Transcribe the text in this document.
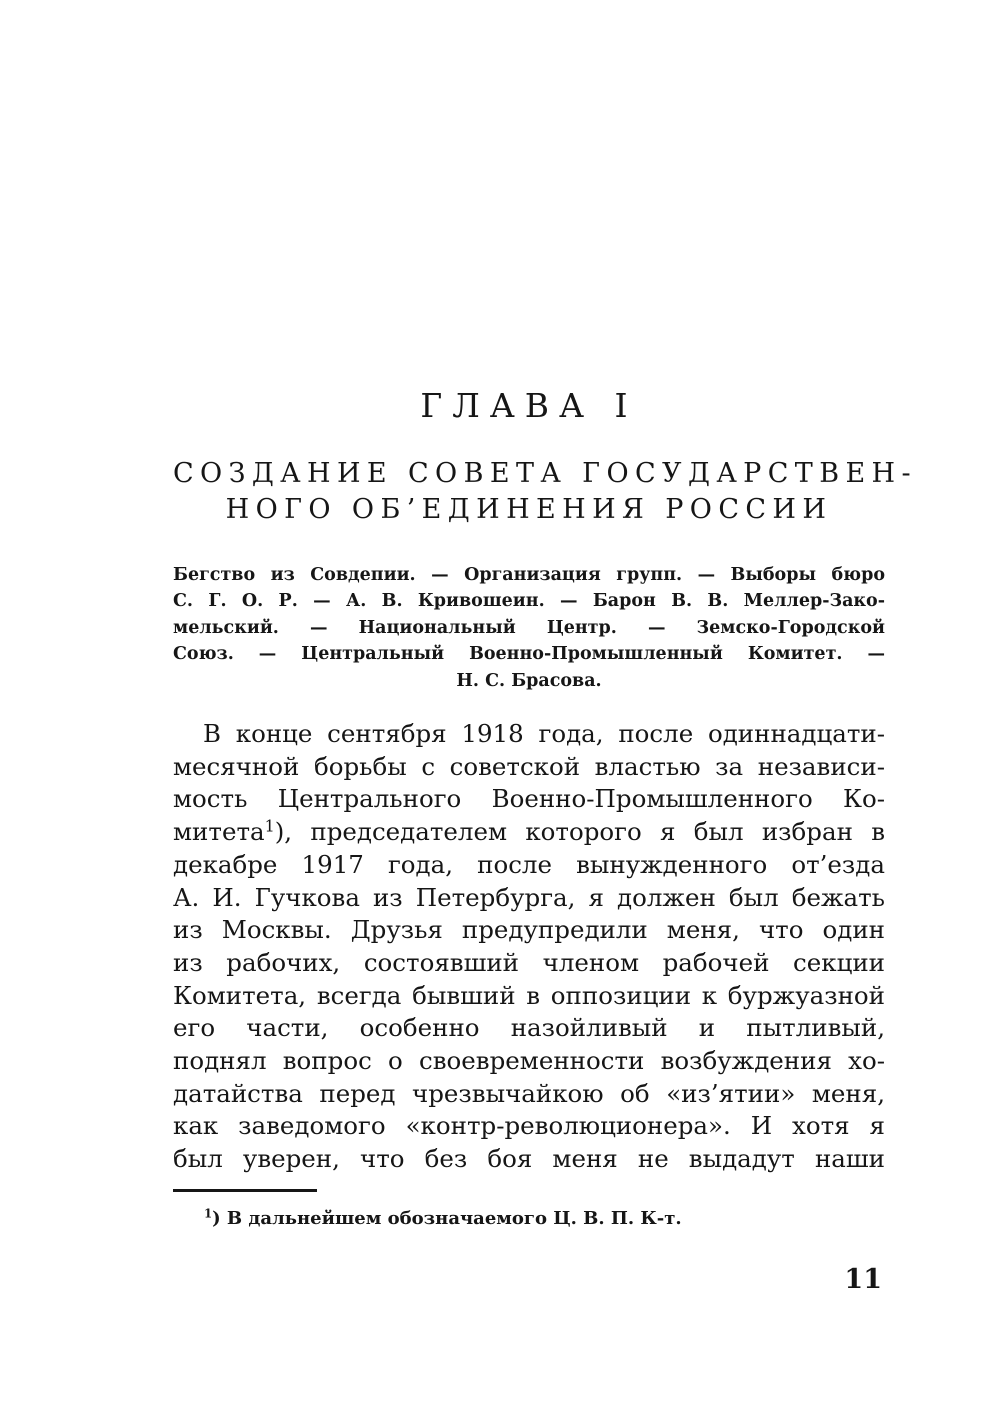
ГЛАВА I
СОЗДАНИЕ СОВЕТА ГОСУДАРСТВЕН-
НОГО ОБ’ЕДИНЕНИЯ РОССИИ
Бегство из Совдепии. — Организация групп. — Выборы бюро
С. Г. О. Р. — А. В. Кривошеин. — Барон В. В. Меллер-Зако-
мельский. — Национальный Центр. — Земско-Городской
Союз. — Центральный Военно-Промышленный Комитет. —
Н. С. Брасова.
В конце сентября 1918 года, после одиннадцати-
месячной борьбы с советской властью за независи-
мость Центрального Военно-Промышленного Ко-
митета$^1$), председателем которого я был избран в
декабре 1917 года, после вынужденного от’езда
А. И. Гучкова из Петербурга, я должен был бежать
из Москвы. Друзья предупредили меня, что один
из рабочих, состоявший членом рабочей секции
Комитета, всегда бывший в оппозиции к буржуазной
его части, особенно назойливый и пытливый,
поднял вопрос о своевременности возбуждения хо-
датайства перед чрезвычайкою об «из’ятии» меня,
как заведомого «контр-революционера». И хотя я
был уверен, что без боя меня не выдадут наши
$^1$) В дальнейшем обозначаемого Ц. В. П. К-т.
11
